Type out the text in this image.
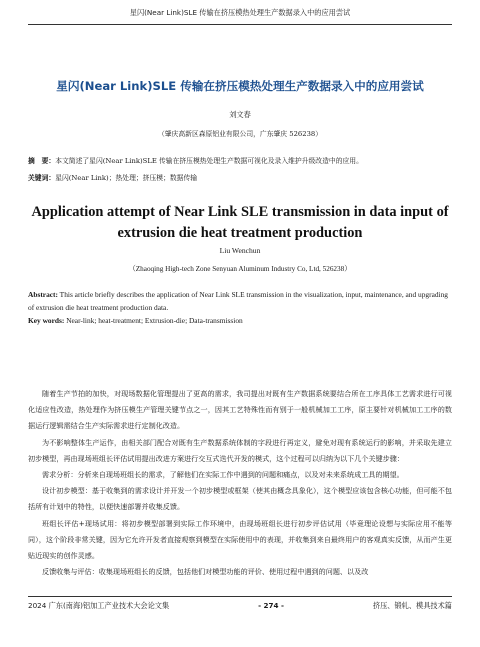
星闪(Near Link)SLE 传输在挤压模热处理生产数据录入中的应用尝试
星闪(Near Link)SLE 传输在挤压模热处理生产数据录入中的应用尝试
刘文春
（肇庆高新区森原铝业有限公司，广东肇庆 526238）
摘　要：本文简述了星闪(Near Link)SLE 传输在挤压模热处理生产数据可视化及录入维护升级改造中的应用。
关键词：星闪(Near Link)；热处理；挤压模；数据传输
Application attempt of Near Link SLE transmission in data input of extrusion die heat treatment production
Liu Wenchun
（Zhaoqing High-tech Zone Senyuan Aluminum Industry Co, Ltd, 526238）
Abstract: This article briefly describes the application of Near Link SLE transmission in the visualization, input, maintenance, and upgrading of extrusion die heat treatment production data.
Key words: Near-link; heat-treatment; Extrusion-die; Data-transmission

随着生产节拍的加快，对现场数据化管理提出了更高的需求，我司提出对既有生产数据系统要结合所在工序具体工艺需求进行可视化适应性改造，热处理作为挤压模生产管理关键节点之一，因其工艺特殊性而有别于一般机械加工工序，原主要针对机械加工工序的数据运行逻辑需结合生产实际需求进行定制化改造。

为不影响整体生产运作，由相关部门配合对既有生产数据系统体制的字段进行再定义，避免对现有系统运行的影响，并采取先建立初步模型，再由现场班组长评估试用提出改进方案进行交互式迭代开发的模式，这个过程可以归纳为以下几个关键步骤：

需求分析：分析来自现场班组长的需求，了解他们在实际工作中遇到的问题和痛点，以及对未来系统成工具的期望。

设计初步模型：基于收集到的需求设计并开发一个初步模型或框架（使其由概念具象化），这个模型应该包含核心功能，但可能不包括所有计划中的特性，以便快速部署并收集反馈。

班组长评估+现场试用：将初步模型部署到实际工作环境中，由现场班组长进行初步评估试用（毕竟理论设想与实际应用不能等同），这个阶段非常关键，因为它允许开发者直接观察到模型在实际使用中的表现，并收集到来自最终用户的客观真实反馈，从而产生更贴近现实的创作灵感。

反馈收集与评估：收集现场班组长的反馈，包括他们对模型功能的评价、使用过程中遇到的问题、以及改

2024 广东(南海)铝加工产业技术大会论文集	- 274 -	挤压、锻轧、模具技术篇
